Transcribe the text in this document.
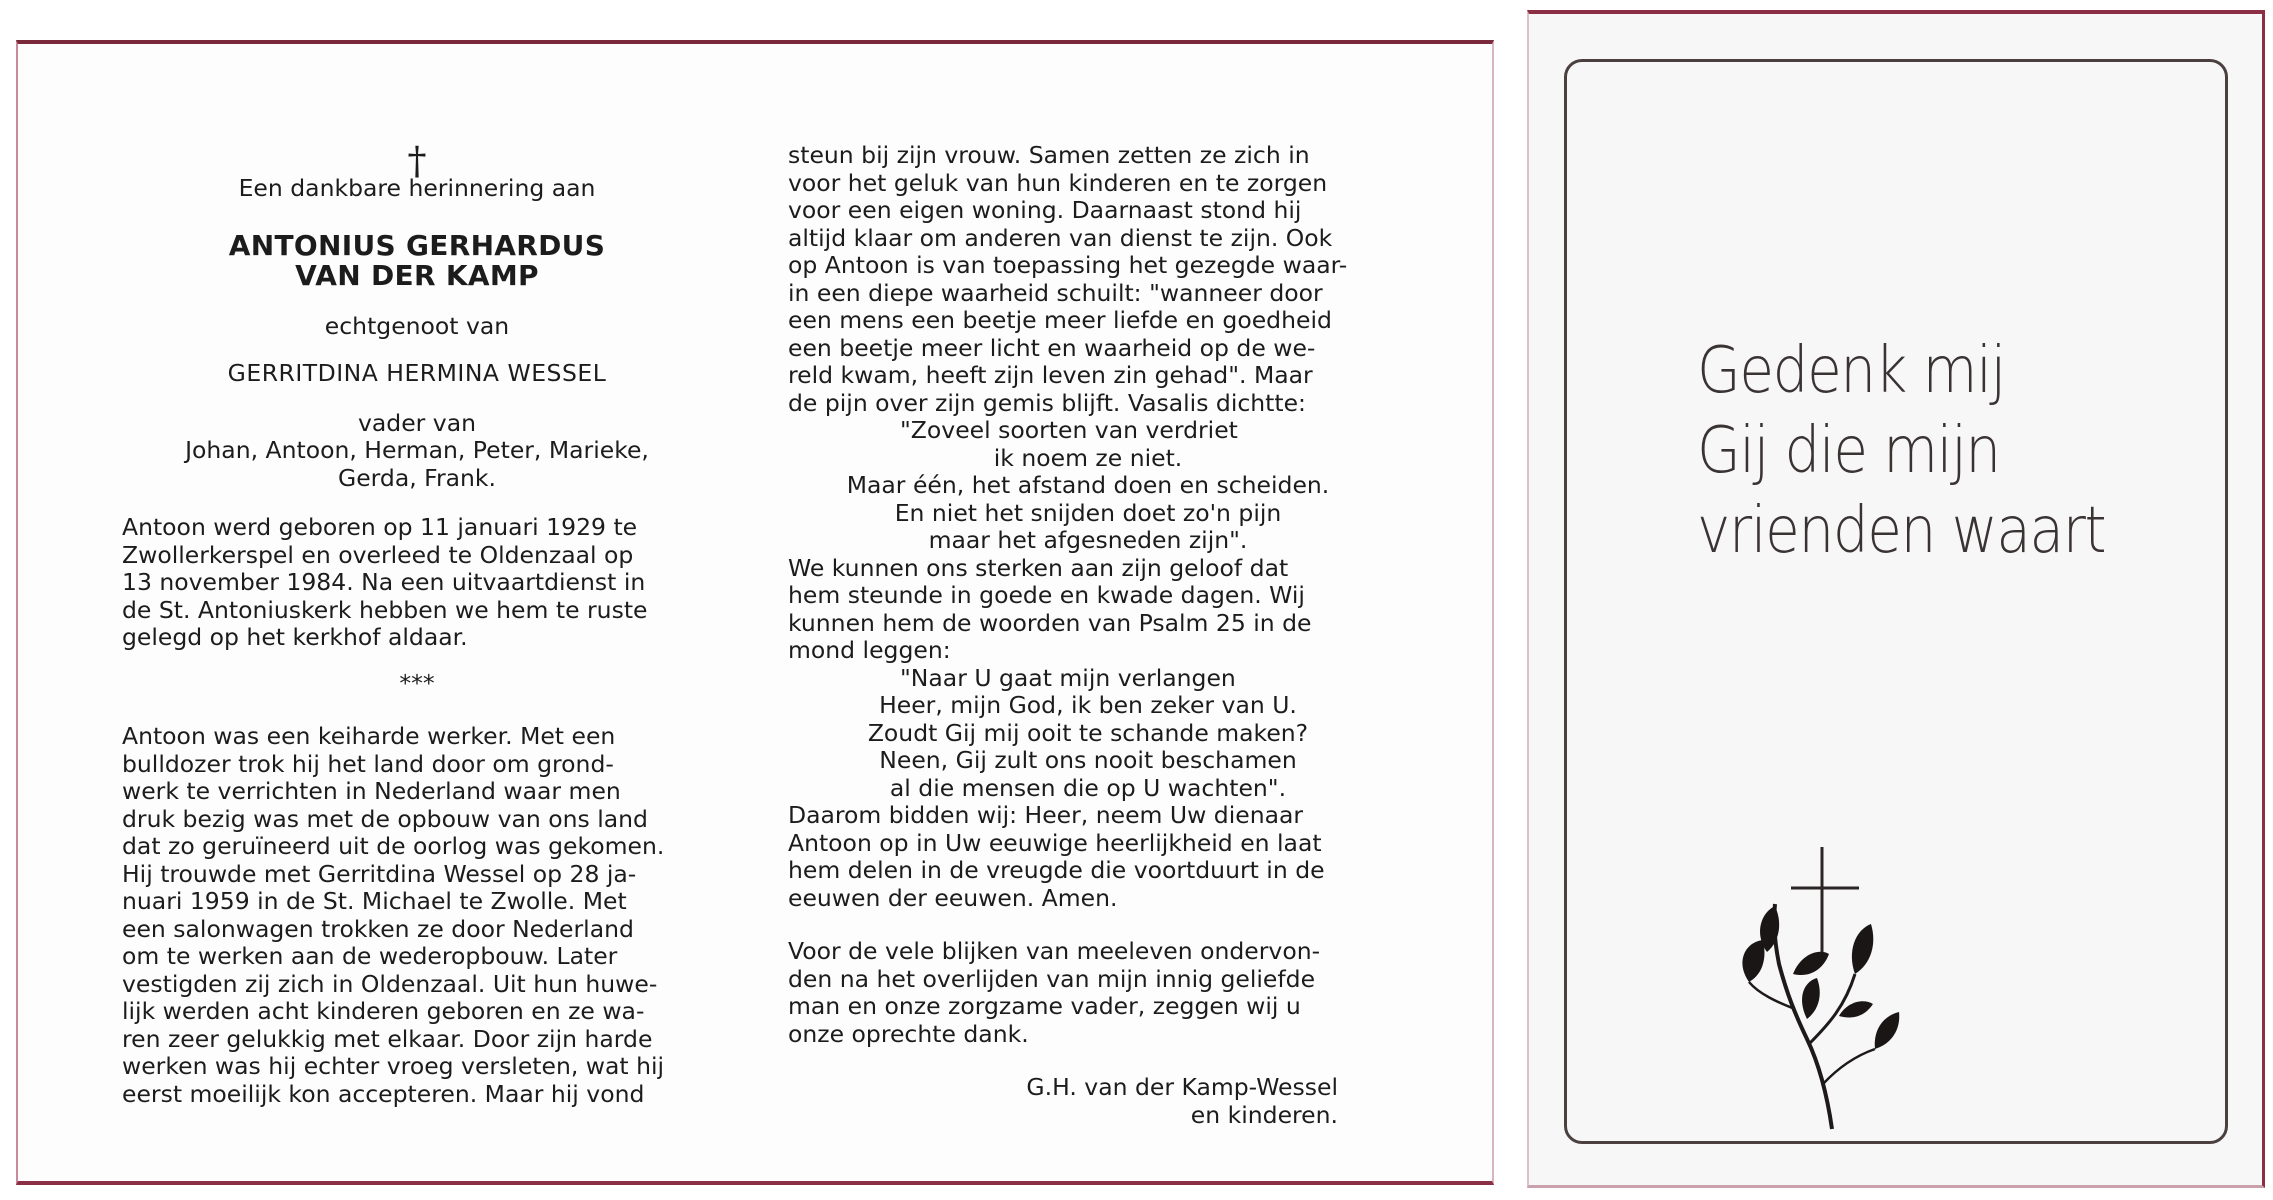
†
Een dankbare herinnering aan
ANTONIUS GERHARDUS
VAN DER KAMP
echtgenoot van
GERRITDINA HERMINA WESSEL
vader van
Johan, Antoon, Herman, Peter, Marieke,
Gerda, Frank.
Antoon werd geboren op 11 januari 1929 te
Zwollerkerspel en overleed te Oldenzaal op
13 november 1984. Na een uitvaartdienst in
de St. Antoniuskerk hebben we hem te ruste
gelegd op het kerkhof aldaar.
***
Antoon was een keiharde werker. Met een
bulldozer trok hij het land door om grond-
werk te verrichten in Nederland waar men
druk bezig was met de opbouw van ons land
dat zo geruïneerd uit de oorlog was gekomen.
Hij trouwde met Gerritdina Wessel op 28 ja-
nuari 1959 in de St. Michael te Zwolle. Met
een salonwagen trokken ze door Nederland
om te werken aan de wederopbouw. Later
vestigden zij zich in Oldenzaal. Uit hun huwe-
lijk werden acht kinderen geboren en ze wa-
ren zeer gelukkig met elkaar. Door zijn harde
werken was hij echter vroeg versleten, wat hij
eerst moeilijk kon accepteren. Maar hij vond
steun bij zijn vrouw. Samen zetten ze zich in
voor het geluk van hun kinderen en te zorgen
voor een eigen woning. Daarnaast stond hij
altijd klaar om anderen van dienst te zijn. Ook
op Antoon is van toepassing het gezegde waar-
in een diepe waarheid schuilt: "wanneer door
een mens een beetje meer liefde en goedheid
een beetje meer licht en waarheid op de we-
reld kwam, heeft zijn leven zin gehad". Maar
de pijn over zijn gemis blijft. Vasalis dichtte:
"Zoveel soorten van verdriet
ik noem ze niet.
Maar één, het afstand doen en scheiden.
En niet het snijden doet zo'n pijn
maar het afgesneden zijn".
We kunnen ons sterken aan zijn geloof dat
hem steunde in goede en kwade dagen. Wij
kunnen hem de woorden van Psalm 25 in de
mond leggen:
"Naar U gaat mijn verlangen
Heer, mijn God, ik ben zeker van U.
Zoudt Gij mij ooit te schande maken?
Neen, Gij zult ons nooit beschamen
al die mensen die op U wachten".
Daarom bidden wij: Heer, neem Uw dienaar
Antoon op in Uw eeuwige heerlijkheid en laat
hem delen in de vreugde die voortduurt in de
eeuwen der eeuwen. Amen.
Voor de vele blijken van meeleven ondervon-
den na het overlijden van mijn innig geliefde
man en onze zorgzame vader, zeggen wij u
onze oprechte dank.
G.H. van der Kamp-Wessel
en kinderen.
Gedenk mij
Gij die mijn
vrienden waart
